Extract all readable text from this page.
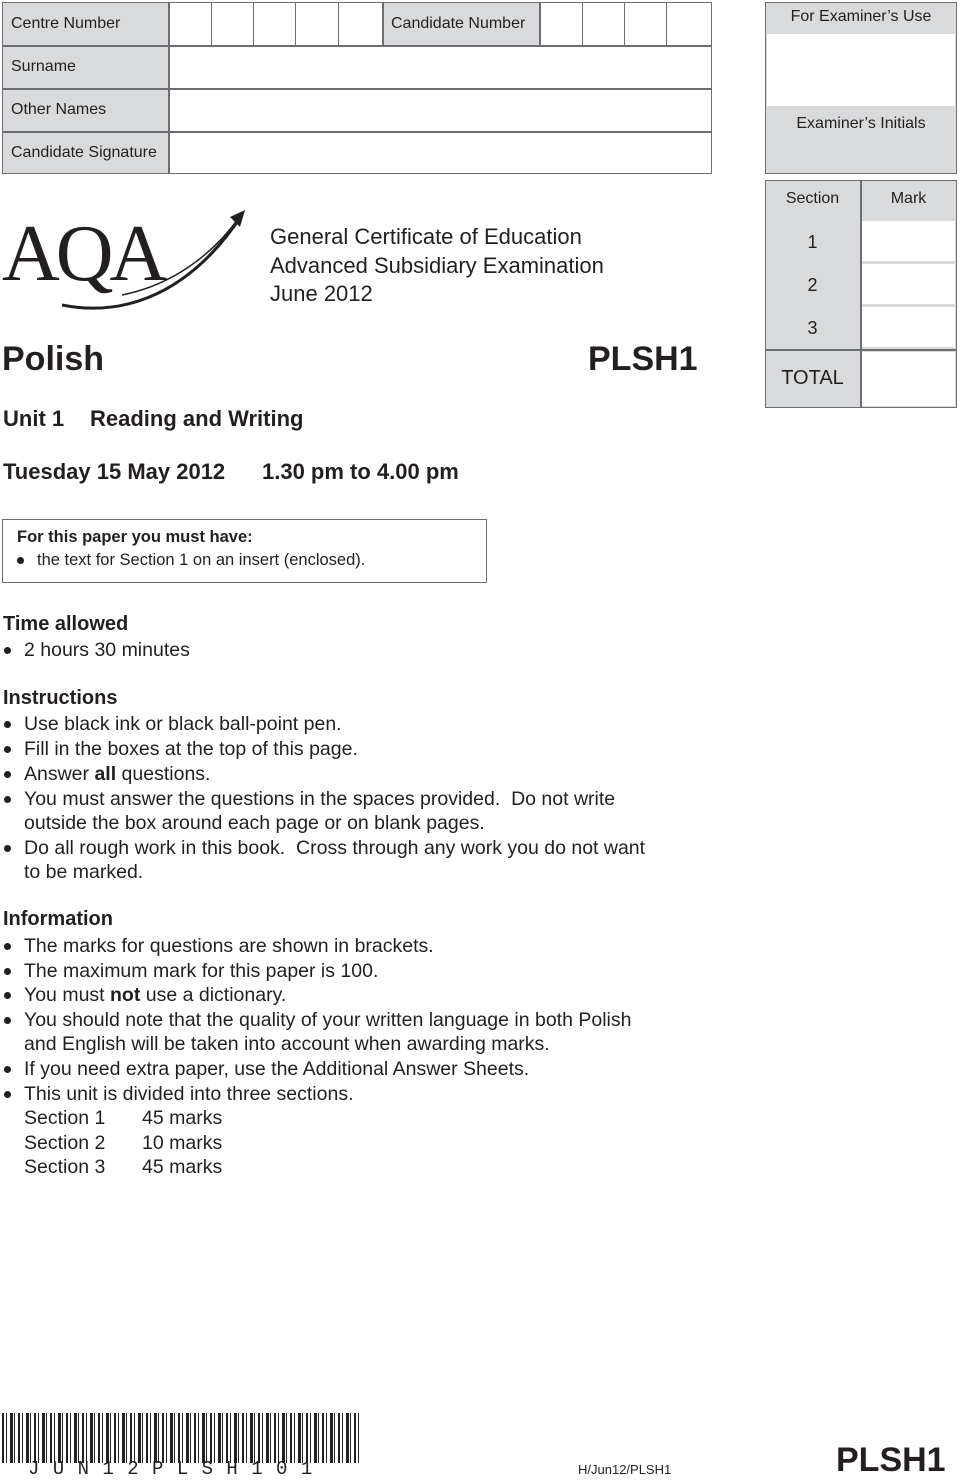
Centre Number	Candidate Number
Surname
Other Names
Candidate Signature
For Examiner’s Use
Examiner’s Initials
Section	Mark
1
2
3
TOTAL
AQA	General Certificate of Education
Advanced Subsidiary Examination
June 2012
Polish	PLSH1
Unit 1 Reading and Writing
Tuesday 15 May 2012 1.30 pm to 4.00 pm
For this paper you must have:
the text for Section 1 on an insert (enclosed).
Time allowed
2 hours 30 minutes
Instructions
Use black ink or black ball-point pen.
Fill in the boxes at the top of this page.
Answer all questions.
You must answer the questions in the spaces provided.  Do not write
outside the box around each page or on blank pages.
Do all rough work in this book.  Cross through any work you do not want
to be marked.
Information
The marks for questions are shown in brackets.
The maximum mark for this paper is 100.
You must not use a dictionary.
You should note that the quality of your written language in both Polish
and English will be taken into account when awarding marks.
If you need extra paper, use the Additional Answer Sheets.
This unit is divided into three sections.
Section 1 45 marks
Section 2 10 marks
Section 3 45 marks
J U N 1 2 P L S H 1 0 1	H/Jun12/PLSH1	PLSH1
